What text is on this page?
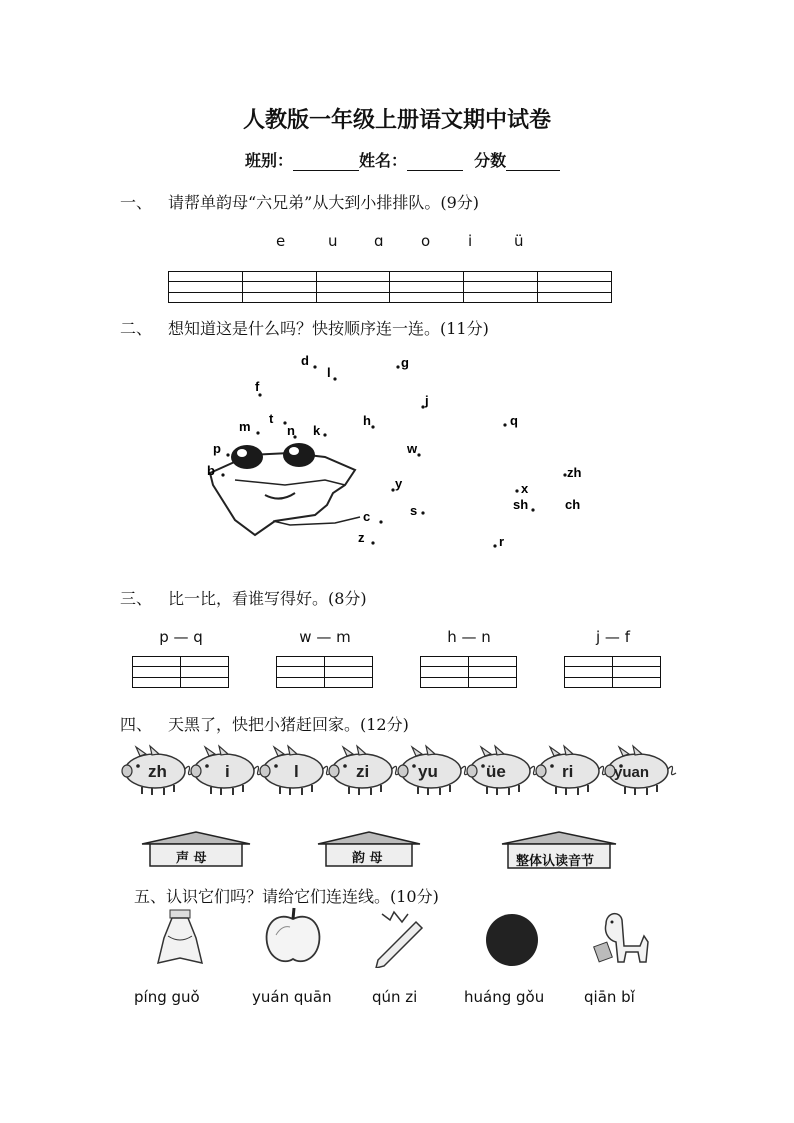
人教版一年级上册语文期中试卷
班别：	姓名：	分数
一、 请帮单韵母“六兄弟”从大到小排排队。(9分)
e	u ɑ o	i	ü

二、 想知道这是什么吗？快按顺序连一连。(11分)
d
l
g
f
j
m
t
n k
h	q
p	w
b
y
zh
x
sh	ch
c	s
z	r
三、 比一比，看谁写得好。(8分)
p — q	w — m	h — n	j — f

四、 天黑了，快把小猪赶回家。(12分)
zh	i	l	zi	yu	üe	ri	yuan
声 母	韵 母	整体认读音节
五、认识它们吗？请给它们连连线。(10分)
píng guǒ	yuán quān	qún zi	huáng gǒu	qiān bǐ
